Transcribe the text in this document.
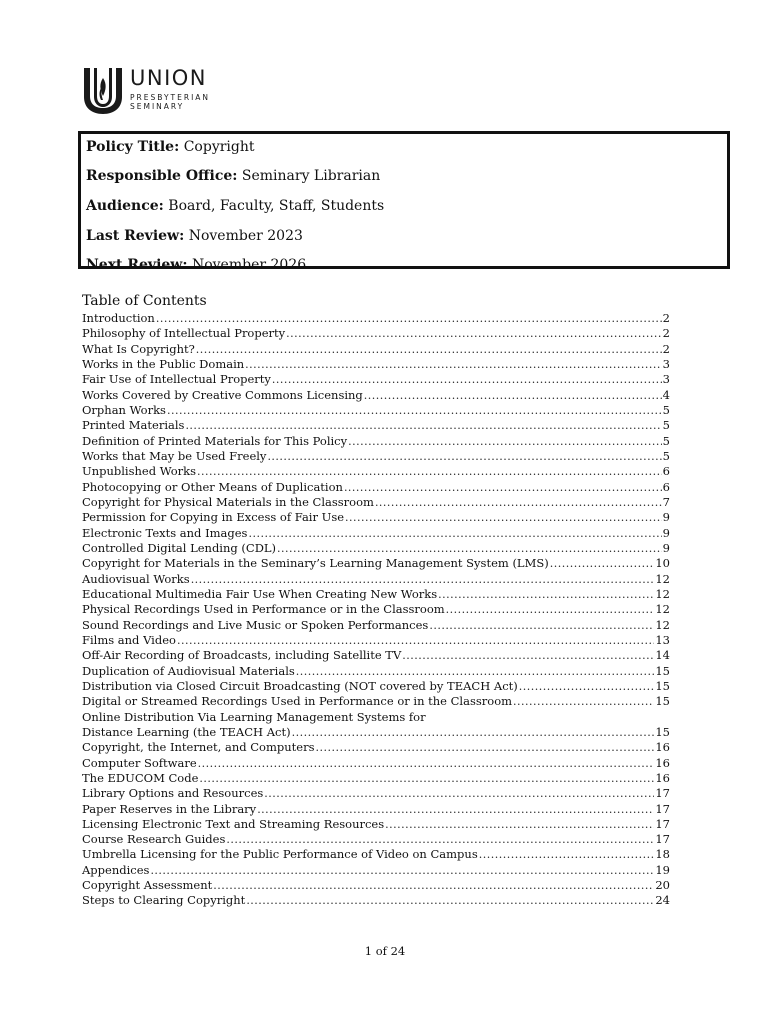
UNION
PRESBYTERIAN
SEMINARY
Policy Title: Copyright
Responsible Office: Seminary Librarian
Audience: Board, Faculty, Staff, Students
Last Review: November 2023
Next Review: November 2026
Table of Contents
Introduction .....	2
Philosophy of Intellectual Property .....	2
What Is Copyright? .....	2
Works in the Public Domain .....	3
Fair Use of Intellectual Property .....	3
Works Covered by Creative Commons Licensing .....	4
Orphan Works .....	5
Printed Materials .....	5
Definition of Printed Materials for This Policy .....	5
Works that May be Used Freely .....	5
Unpublished Works .....	6
Photocopying or Other Means of Duplication .....	6
Copyright for Physical Materials in the Classroom .....	7
Permission for Copying in Excess of Fair Use .....	9
Electronic Texts and Images .....	9
Controlled Digital Lending (CDL) .....	9
Copyright for Materials in the Seminary’s Learning Management System (LMS) .....	10
Audiovisual Works .....	12
Educational Multimedia Fair Use When Creating New Works .....	12
Physical Recordings Used in Performance or in the Classroom .....	12
Sound Recordings and Live Music or Spoken Performances .....	12
Films and Video .....	13
Off-Air Recording of Broadcasts, including Satellite TV .....	14
Duplication of Audiovisual Materials .....	15
Distribution via Closed Circuit Broadcasting (NOT covered by TEACH Act) .....	15
Digital or Streamed Recordings Used in Performance or in the Classroom .....	15
Online Distribution Via Learning Management Systems for
Distance Learning (the TEACH Act) .....	15
Copyright, the Internet, and Computers .....	16
Computer Software .....	16
The EDUCOM Code .....	16
Library Options and Resources .....	17
Paper Reserves in the Library .....	17
Licensing Electronic Text and Streaming Resources .....	17
Course Research Guides .....	17
Umbrella Licensing for the Public Performance of Video on Campus .....	18
Appendices .....	19
Copyright Assessment .....	20
Steps to Clearing Copyright .....	24
1 of 24
